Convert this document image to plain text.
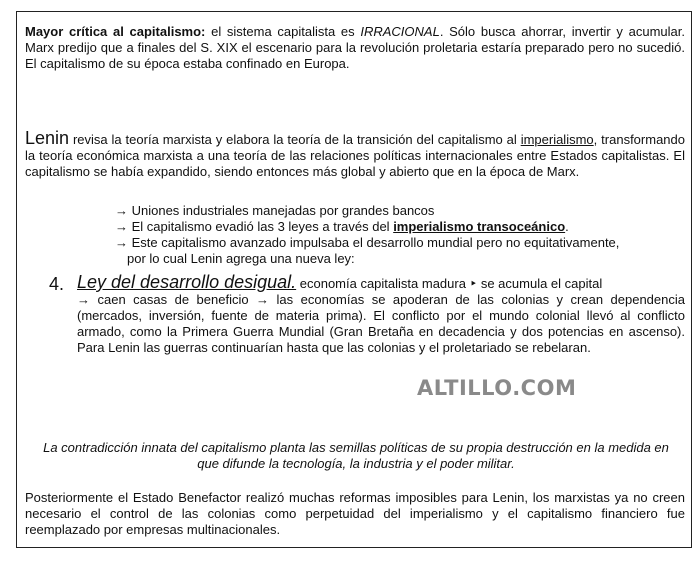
Mayor crítica al capitalismo: el sistema capitalista es IRRACIONAL. Sólo busca ahorrar, invertir y acumular. Marx predijo que a finales del S. XIX el escenario para la revolución proletaria estaría preparado pero no sucedió. El capitalismo de su época estaba confinado en Europa.

Lenin revisa la teoría marxista y elabora la teoría de la transición del capitalismo al imperialismo, transformando la teoría económica marxista a una teoría de las relaciones políticas internacionales entre Estados capitalistas. El capitalismo se había expandido, siendo entonces más global y abierto que en la época de Marx.

→ Uniones industriales manejadas por grandes bancos
→ El capitalismo evadió las 3 leyes a través del imperialismo transoceánico.
→ Este capitalismo avanzado impulsaba el desarrollo mundial pero no equitativamente,
por lo cual Lenin agrega una nueva ley:
4. Ley del desarrollo desigual. economía capitalista madura ‣ se acumula el capital
→ caen casas de beneficio → las economías se apoderan de las colonias y crean dependencia (mercados, inversión, fuente de materia prima). El conflicto por el mundo colonial llevó al conflicto armado, como la Primera Guerra Mundial (Gran Bretaña en decadencia y dos potencias en ascenso). Para Lenin las guerras continuarían hasta que las colonias y el proletariado se rebelaran.
ALTILLO.COM

La contradicción innata del capitalismo planta las semillas políticas de su propia destrucción en la medida en que difunde la tecnología, la industria y el poder militar.

Posteriormente el Estado Benefactor realizó muchas reformas imposibles para Lenin, los marxistas ya no creen necesario el control de las colonias como perpetuidad del imperialismo y el capitalismo financiero fue reemplazado por empresas multinacionales.
